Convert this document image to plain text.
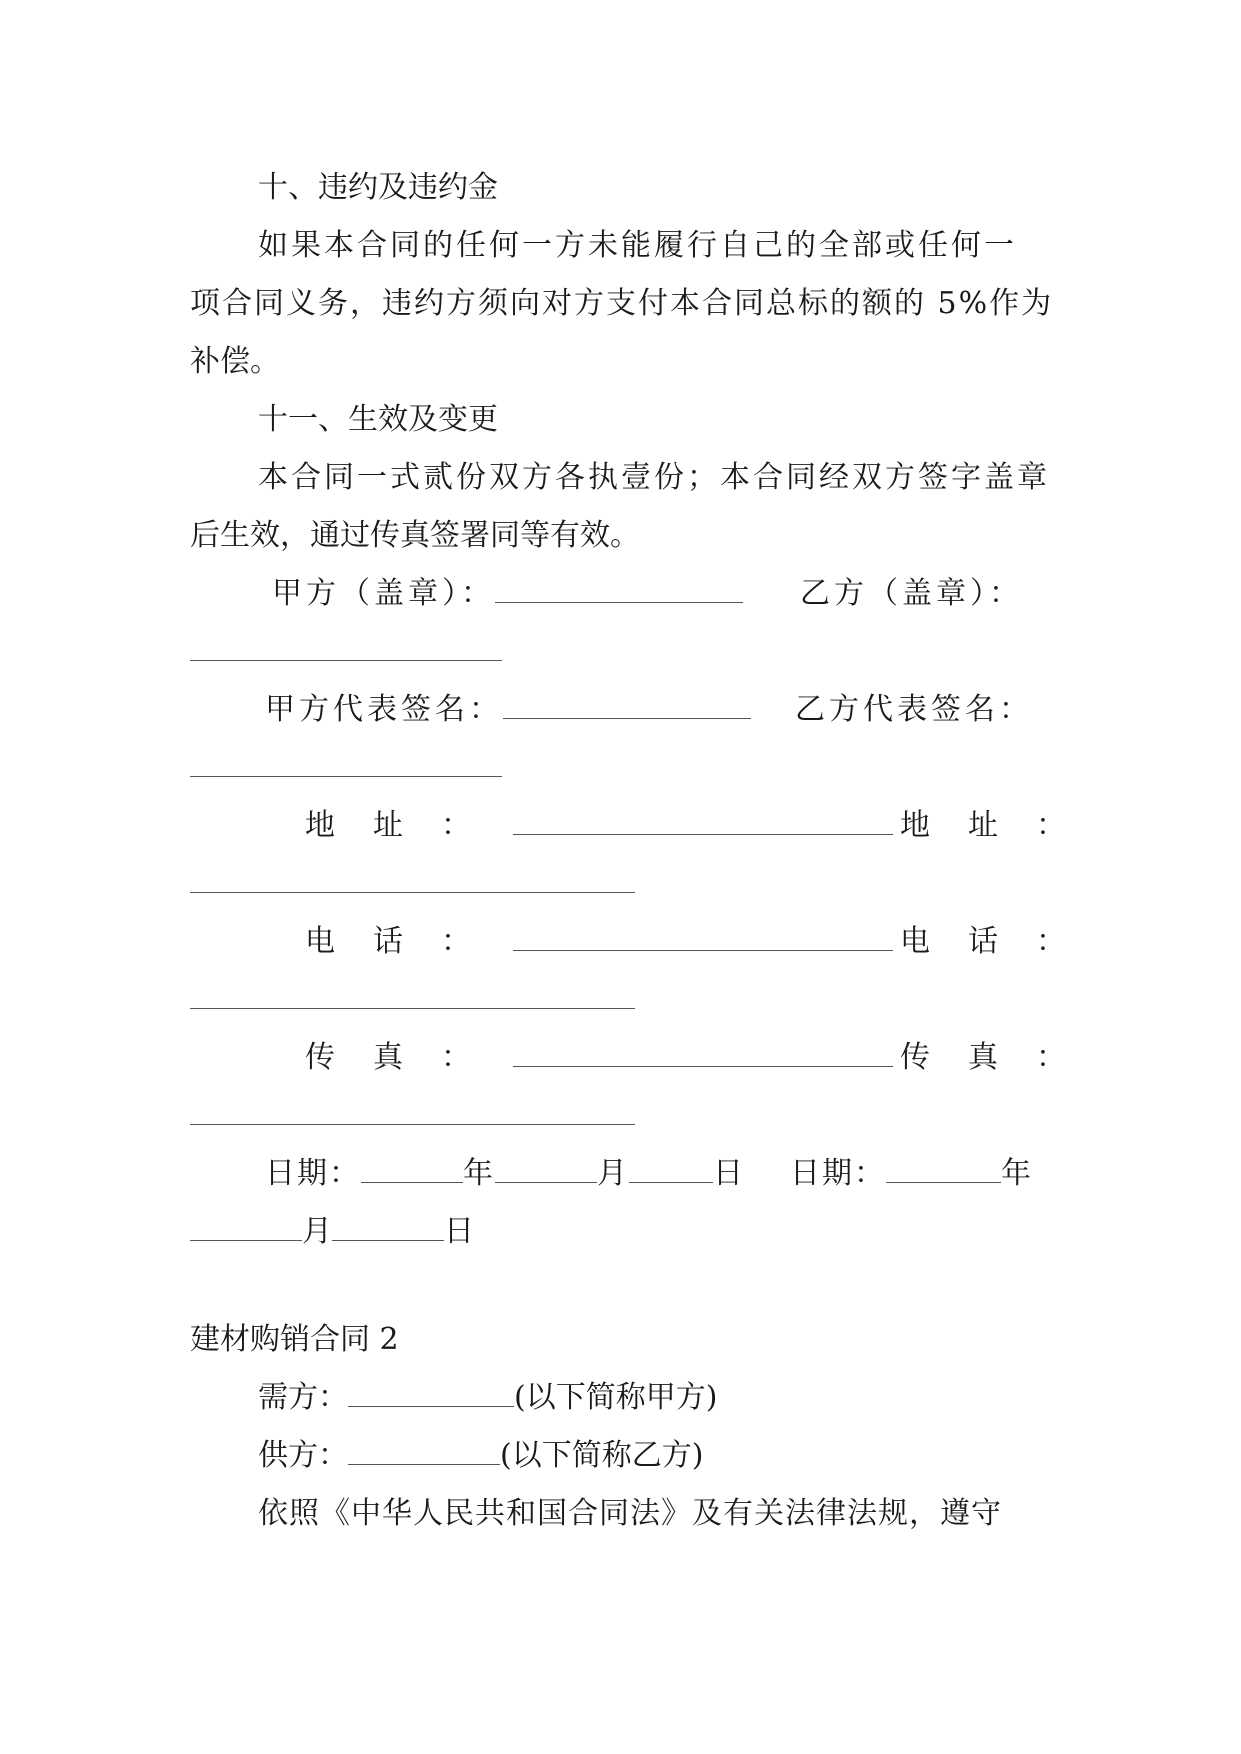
十、违约及违约金
如果本合同的任何一方未能履行自己的全部或任何一
项合同义务，违约方须向对方支付本合同总标的额的 5%作为
补偿。
十一、生效及变更
本合同一式贰份双方各执壹份；本合同经双方签字盖章
后生效，通过传真签署同等有效。
甲方（盖章）：	乙方（盖章）：
甲方代表签名：	乙方代表签名：
地　址　：	地　址　：
电　话　：	电　话　：
传　真　：	传　真　：
日期：	年	月	日 日期：	年
月	日
建材购销合同 2
需方：	(以下简称甲方)
供方：	(以下简称乙方)
依照《中华人民共和国合同法》及有关法律法规，遵守
